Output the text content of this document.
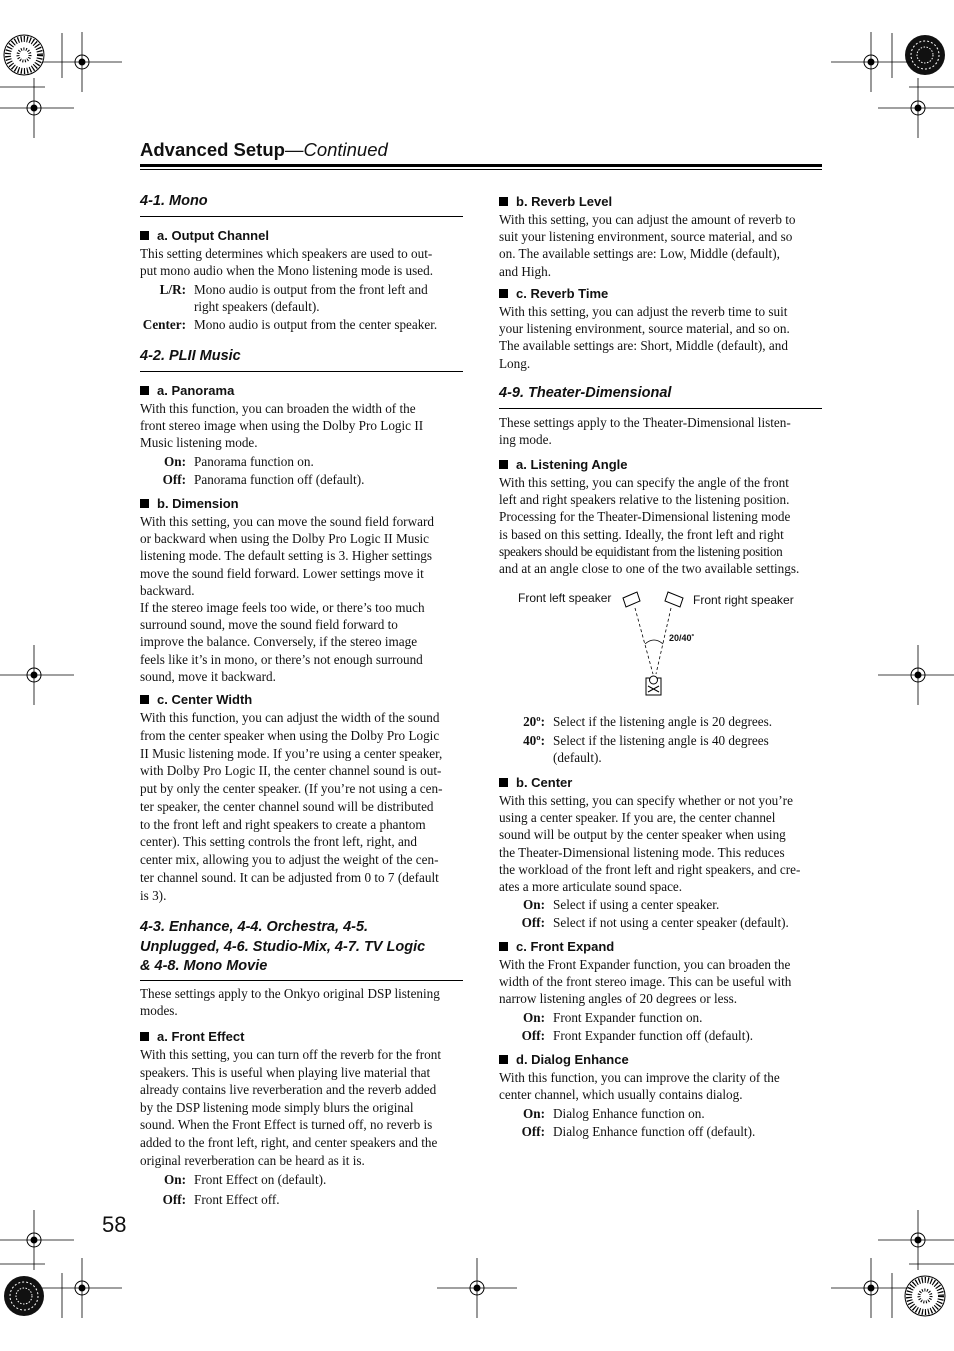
Advanced Setup—Continued
4-1. Mono
a. Output Channel
This setting determines which speakers are used to out-
put mono audio when the Mono listening mode is used.
L/R: Mono audio is output from the front left and
right speakers (default).
Center: Mono audio is output from the center speaker.
4-2. PLII Music
a. Panorama
With this function, you can broaden the width of the
front stereo image when using the Dolby Pro Logic II
Music listening mode.
On: Panorama function on.
Off: Panorama function off (default).
b. Dimension
With this setting, you can move the sound field forward
or backward when using the Dolby Pro Logic II Music
listening mode. The default setting is 3. Higher settings
move the sound field forward. Lower settings move it
backward.
If the stereo image feels too wide, or there’s too much
surround sound, move the sound field forward to
improve the balance. Conversely, if the stereo image
feels like it’s in mono, or there’s not enough surround
sound, move it backward.
c. Center Width
With this function, you can adjust the width of the sound
from the center speaker when using the Dolby Pro Logic
II Music listening mode. If you’re using a center speaker,
with Dolby Pro Logic II, the center channel sound is out-
put by only the center speaker. (If you’re not using a cen-
ter speaker, the center channel sound will be distributed
to the front left and right speakers to create a phantom
center). This setting controls the front left, right, and
center mix, allowing you to adjust the weight of the cen-
ter channel sound. It can be adjusted from 0 to 7 (default
is 3).
4-3. Enhance, 4-4. Orchestra, 4-5.
Unplugged, 4-6. Studio-Mix, 4-7. TV Logic
& 4-8. Mono Movie
These settings apply to the Onkyo original DSP listening
modes.
a. Front Effect
With this setting, you can turn off the reverb for the front
speakers. This is useful when playing live material that
already contains live reverberation and the reverb added
by the DSP listening mode simply blurs the original
sound. When the Front Effect is turned off, no reverb is
added to the front left, right, and center speakers and the
original reverberation can be heard as it is.
On: Front Effect on (default).
Off: Front Effect off.
58
b. Reverb Level
With this setting, you can adjust the amount of reverb to
suit your listening environment, source material, and so
on. The available settings are: Low, Middle (default),
and High.
c. Reverb Time
With this setting, you can adjust the reverb time to suit
your listening environment, source material, and so on.
The available settings are: Short, Middle (default), and
Long.
4-9. Theater-Dimensional
These settings apply to the Theater-Dimensional listen-
ing mode.
a. Listening Angle
With this setting, you can specify the angle of the front
left and right speakers relative to the listening position.
Processing for the Theater-Dimensional listening mode
is based on this setting. Ideally, the front left and right
speakers should be equidistant from the listening position
and at an angle close to one of the two available settings.
Front left speaker	Front right speaker
20/40˚
20º: Select if the listening angle is 20 degrees.
40º: Select if the listening angle is 40 degrees
(default).
b. Center
With this setting, you can specify whether or not you’re
using a center speaker. If you are, the center channel
sound will be output by the center speaker when using
the Theater-Dimensional listening mode. This reduces
the workload of the front left and right speakers, and cre-
ates a more articulate sound space.
On: Select if using a center speaker.
Off: Select if not using a center speaker (default).
c. Front Expand
With the Front Expander function, you can broaden the
width of the front stereo image. This can be useful with
narrow listening angles of 20 degrees or less.
On: Front Expander function on.
Off: Front Expander function off (default).
d. Dialog Enhance
With this function, you can improve the clarity of the
center channel, which usually contains dialog.
On: Dialog Enhance function on.
Off: Dialog Enhance function off (default).
